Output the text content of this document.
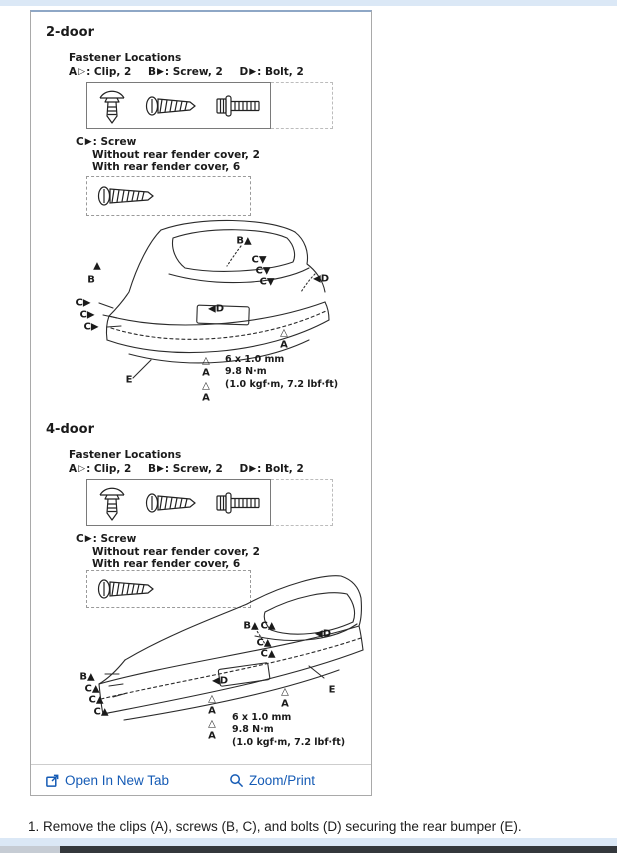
2-door
Fastener Locations
A▷: Clip, 2 B▶: Screw, 2 D▶: Bolt, 2
C▶: Screw
Without rear fender cover, 2
With rear fender cover, 6
B▲
C▼
C▼
C▼	◀D
▲
B
C▶
C▶
C▶
◀D
△
A
△
A
△
A
E
6 x 1.0 mm
9.8 N·m
(1.0 kgf·m, 7.2 lbf·ft)
4-door
Fastener Locations
A▷: Clip, 2 B▶: Screw, 2 D▶: Bolt, 2
C▶: Screw
Without rear fender cover, 2
With rear fender cover, 6
B▲ C▲
◀D
C▲
C▲
B▲
C▲
C▲
C▲
◀D
E
△
A
△
A
△
A
6 x 1.0 mm
9.8 N·m
(1.0 kgf·m, 7.2 lbf·ft)
Open In New Tab	Zoom/Print
1. Remove the clips (A), screws (B, C), and bolts (D) securing the rear bumper (E).
